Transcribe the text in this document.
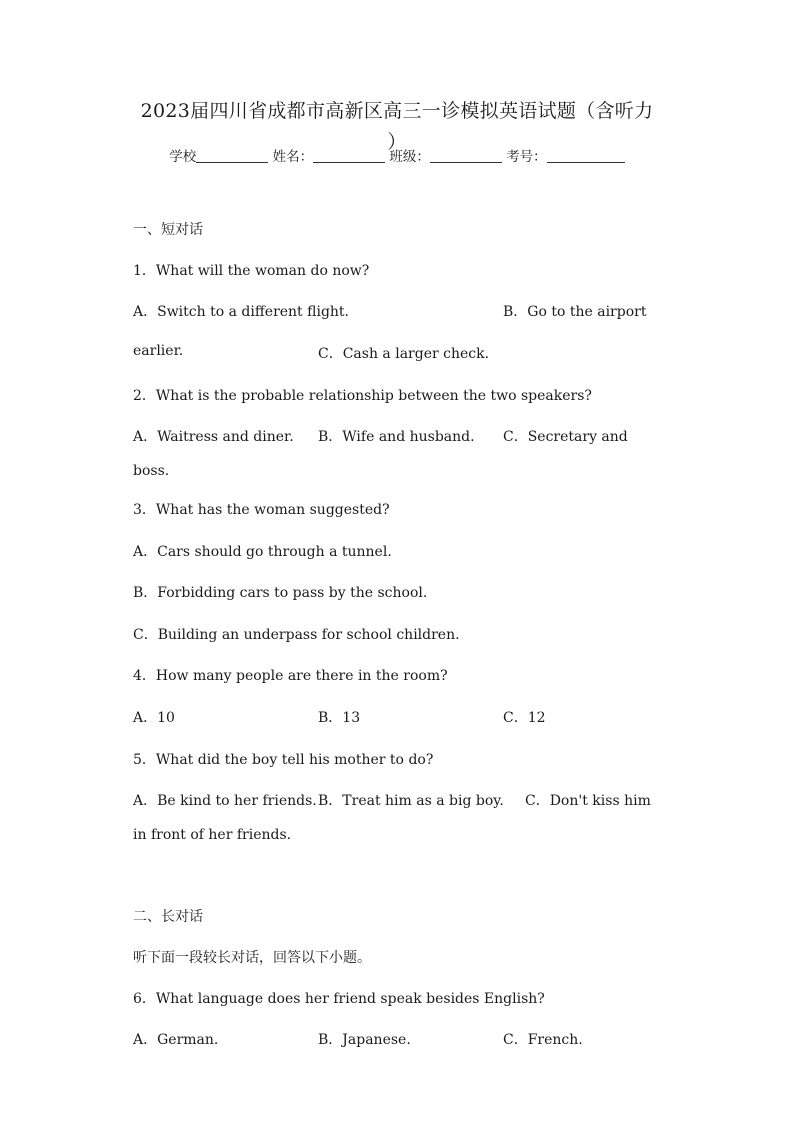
2023届四川省成都市高新区高三一诊模拟英语试题（含听力
）
学校	姓名：	班级：	考号：
一、短对话
1．What will the woman do now?
A．Switch to a different flight.	B．Go to the airport
earlier.	C．Cash a larger check.
2．What is the probable relationship between the two speakers?
A．Waitress and diner. B．Wife and husband. C．Secretary and
boss.
3．What has the woman suggested?
A．Cars should go through a tunnel.
B．Forbidding cars to pass by the school.
C．Building an underpass for school children.
4．How many people are there in the room?
A．10	B．13	C．12
5．What did the boy tell his mother to do?
A．Be kind to her friends. B．Treat him as a big boy. C．Don't kiss him
in front of her friends.
二、长对话
听下面一段较长对话，回答以下小题。
6．What language does her friend speak besides English?
A．German.	B．Japanese.	C．French.
